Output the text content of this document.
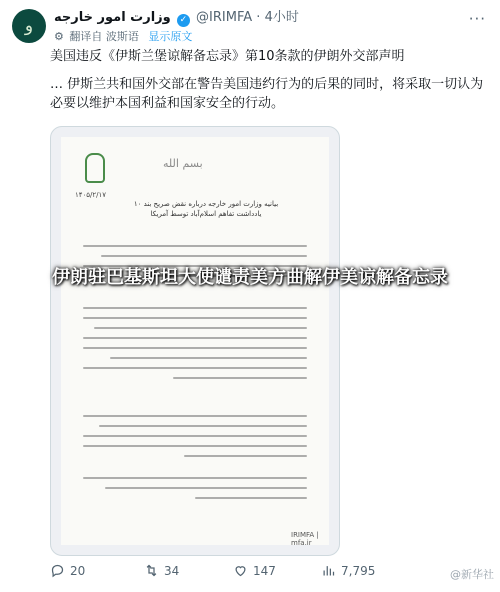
و وزارت امور خارجه ✓ @IRIMFA · 4小时
⚙ 翻译自 波斯语 显示原文
···

美国违反《伊斯兰堡谅解备忘录》第10条款的伊朗外交部声明

… 伊斯兰共和国外交部在警告美国违约行为的后果的同时，将采取一切认为必要以维护本国利益和国家安全的行动。

بسم الله
۱۴۰۵/۲/۱۷
بیانیه وزارت امور خارجه درباره نقض صریح بند ۱۰ یادداشت تفاهم اسلام‌آباد توسط آمریکا
IRIMFA | mfa.ir
伊朗驻巴基斯坦大使谴责美方曲解伊美谅解备忘录
20	34	147	7,795	@新华社
